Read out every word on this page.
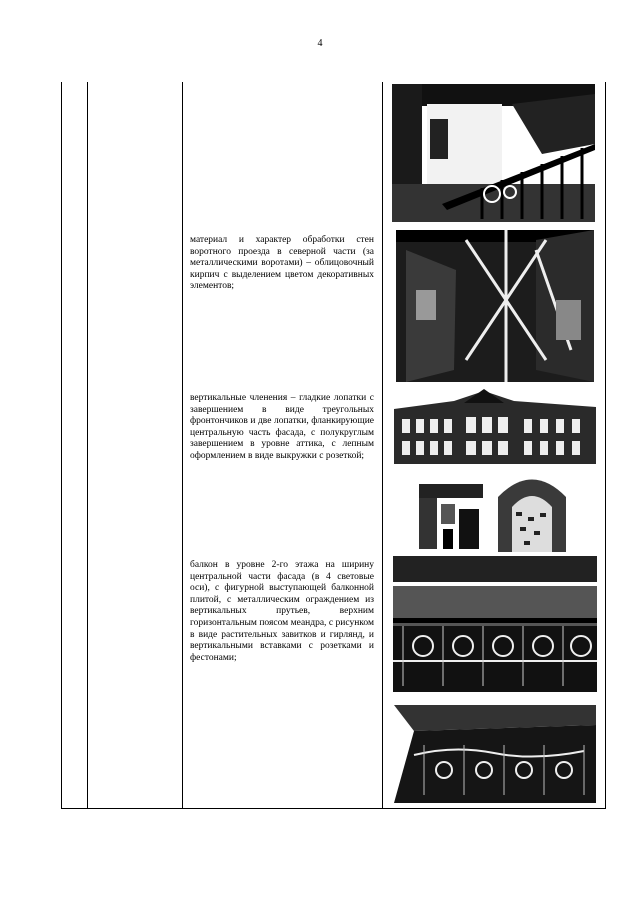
4
материал и характер обработки стен воротного проезда в северной части (за металлическими воротами) – облицовочный кирпич с выделением цветом декоративных элементов;
вертикальные членения – гладкие лопатки с завершением в виде треугольных фронтончиков и две лопатки, фланкирующие центральную часть фасада, с полукруглым завершением в уровне аттика, с лепным оформлением в виде выкружки с розеткой;
балкон в уровне 2-го этажа на ширину центральной части фасада (в 4 световые оси), с фигурной выступающей балконной плитой, с металлическим ограждением из вертикальных прутьев, верхним горизонтальным поясом меандра, с рисунком в виде растительных завитков и гирлянд, и вертикальными вставками с розетками и фестонами;
